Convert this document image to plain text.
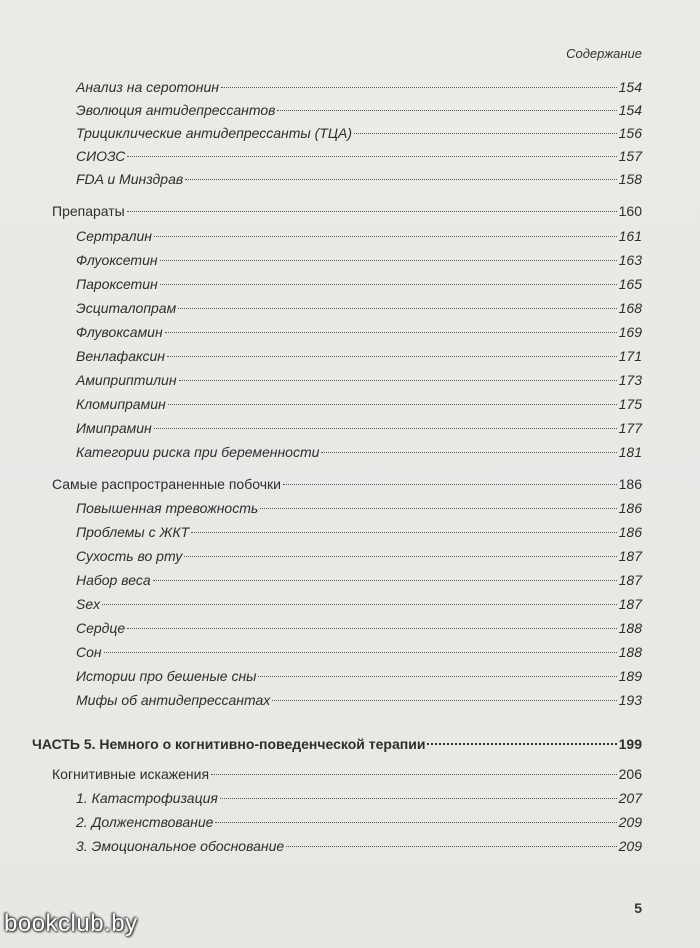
Содержание
Анализ на серотонин	154
Эволюция антидепрессантов	154
Трициклические антидепрессанты (ТЦА)	156
СИОЗС	157
FDA и Минздрав	158
Препараты	160
Сертралин	161
Флуоксетин	163
Пароксетин	165
Эсциталопрам	168
Флувоксамин	169
Венлафаксин	171
Амиприптилин	173
Кломипрамин	175
Имипрамин	177
Категории риска при беременности	181
Самые распространенные побочки	186
Повышенная тревожность	186
Проблемы с ЖКТ	186
Сухость во рту	187
Набор веса	187
Sex	187
Сердце	188
Сон	188
Истории про бешеные сны	189
Мифы об антидепрессантах	193
ЧАСТЬ 5. Немного о когнитивно-поведенческой терапии	199
Когнитивные искажения	206
1. Катастрофизация	207
2. Долженствование	209
3. Эмоциональное обоснование	209
5
bookclub.by
